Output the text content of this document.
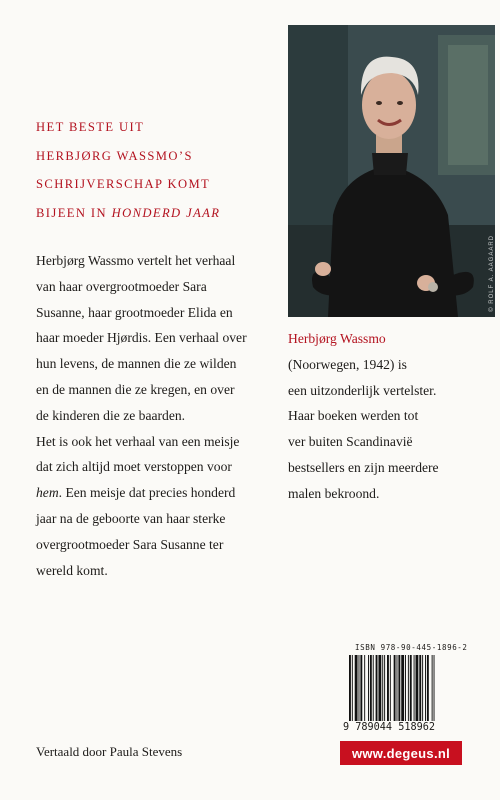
HET BESTE UIT
HERBJØRG WASSMO’S
SCHRIJVERSCHAP KOMT
BIJEEN IN HONDERD JAAR
Herbjørg Wassmo vertelt het verhaal
van haar overgrootmoeder Sara
Susanne, haar grootmoeder Elida en
haar moeder Hjørdis. Een verhaal over
hun levens, de mannen die ze wilden
en de mannen die ze kregen, en over
de kinderen die ze baarden.
Het is ook het verhaal van een meisje
dat zich altijd moet verstoppen voor
hem. Een meisje dat precies honderd
jaar na de geboorte van haar sterke
overgrootmoeder Sara Susanne ter
wereld komt.
© ROLF A. AAGAARD
Herbjørg Wassmo
(Noorwegen, 1942) is
een uitzonderlijk vertelster.
Haar boeken werden tot
ver buiten Scandinavië
bestsellers en zijn meerdere
malen bekroond.
ISBN 978-90-445-1896-2
9 789044 518962
www.degeus.nl
Vertaald door Paula Stevens
